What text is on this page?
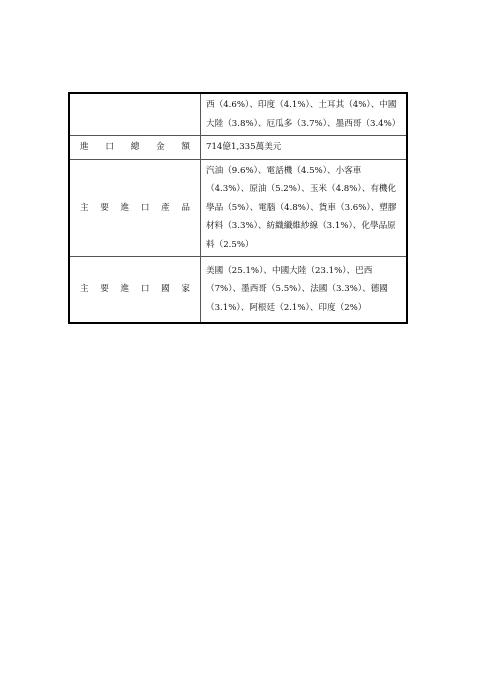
	西（4.6%）、印度（4.1%）、土耳其（4%）、中國大陸（3.8%）、厄瓜多（3.7%）、墨西哥（3.4%）

進　口　總　金　額	714億1,335萬美元

主　要　進　口　產　品	汽油（9.6%）、電話機（4.5%）、小客車（4.3%）、原油（5.2%）、玉米（4.8%）、有機化學品（5%）、電腦（4.8%）、貨車（3.6%）、塑膠材料（3.3%）、紡織纖維紗線（3.1%）、化學品原料（2.5%）

主　要　進　口　國　家	美國（25.1%）、中國大陸（23.1%）、巴西（7%）、墨西哥（5.5%）、法國（3.3%）、德國（3.1%）、阿根廷（2.1%）、印度（2%）
